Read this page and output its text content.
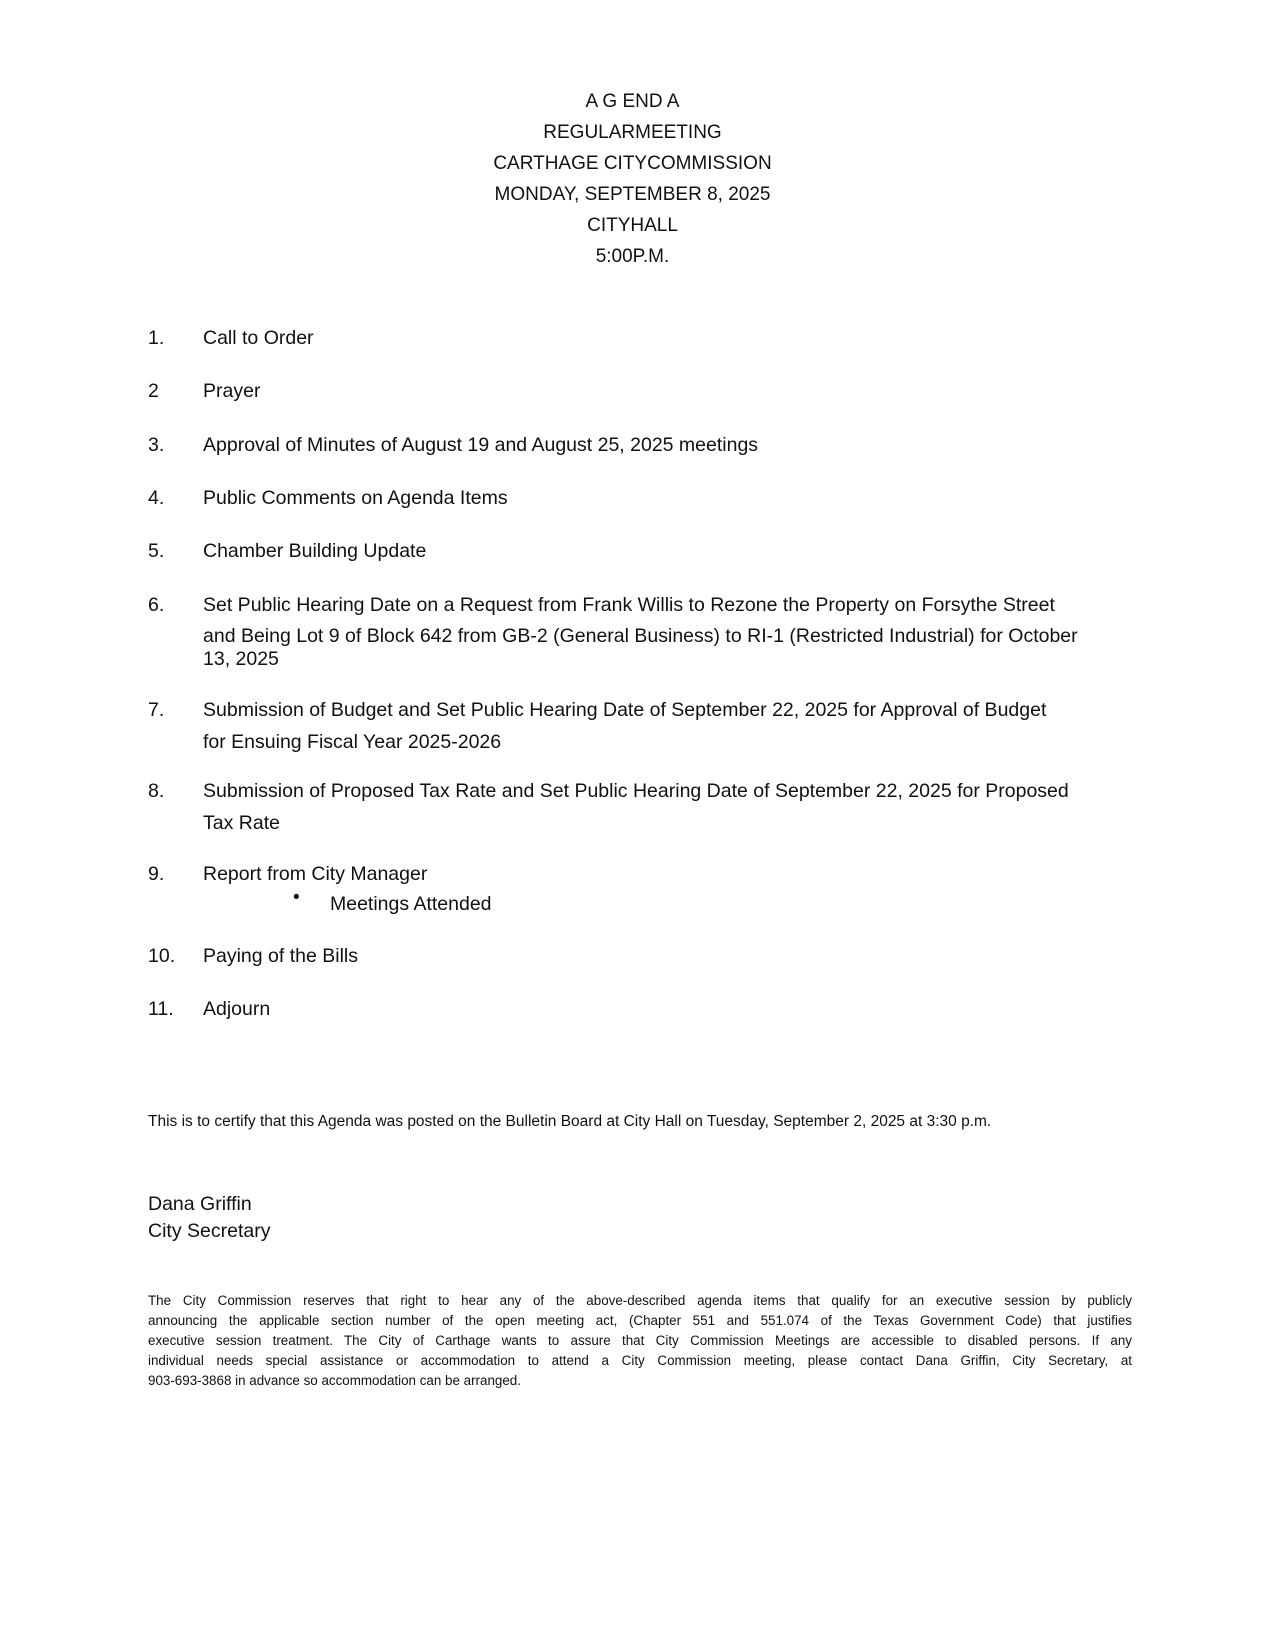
A G END A
REGULARMEETING
CARTHAGE CITYCOMMISSION
MONDAY, SEPTEMBER 8, 2025
CITYHALL
5:00P.M.
1.	Call to Order
2	Prayer
3.	Approval of Minutes of August 19 and August 25, 2025 meetings
4.	Public Comments on Agenda Items
5.	Chamber Building Update
6.	Set Public Hearing Date on a Request from Frank Willis to Rezone the Property on Forsythe Street
and Being Lot 9 of Block 642 from GB-2 (General Business) to RI-1 (Restricted Industrial) for October
13, 2025
7.	Submission of Budget and Set Public Hearing Date of September 22, 2025 for Approval of Budget
for Ensuing Fiscal Year 2025-2026
8.	Submission of Proposed Tax Rate and Set Public Hearing Date of September 22, 2025 for Proposed
Tax Rate
9.	Report from City Manager
• Meetings Attended
10.	Paying of the Bills
11.	Adjourn
This is to certify that this Agenda was posted on the Bulletin Board at City Hall on Tuesday, September 2, 2025 at 3:30 p.m.
Dana Griffin
City Secretary
The City Commission reserves that right to hear any of the above-described agenda items that qualify for an executive session by publicly
announcing the applicable section number of the open meeting act, (Chapter 551 and 551.074 of the Texas Government Code) that justifies
executive session treatment. The City of Carthage wants to assure that City Commission Meetings are accessible to disabled persons. If any
individual needs special assistance or accommodation to attend a City Commission meeting, please contact Dana Griffin, City Secretary, at
903-693-3868 in advance so accommodation can be arranged.
